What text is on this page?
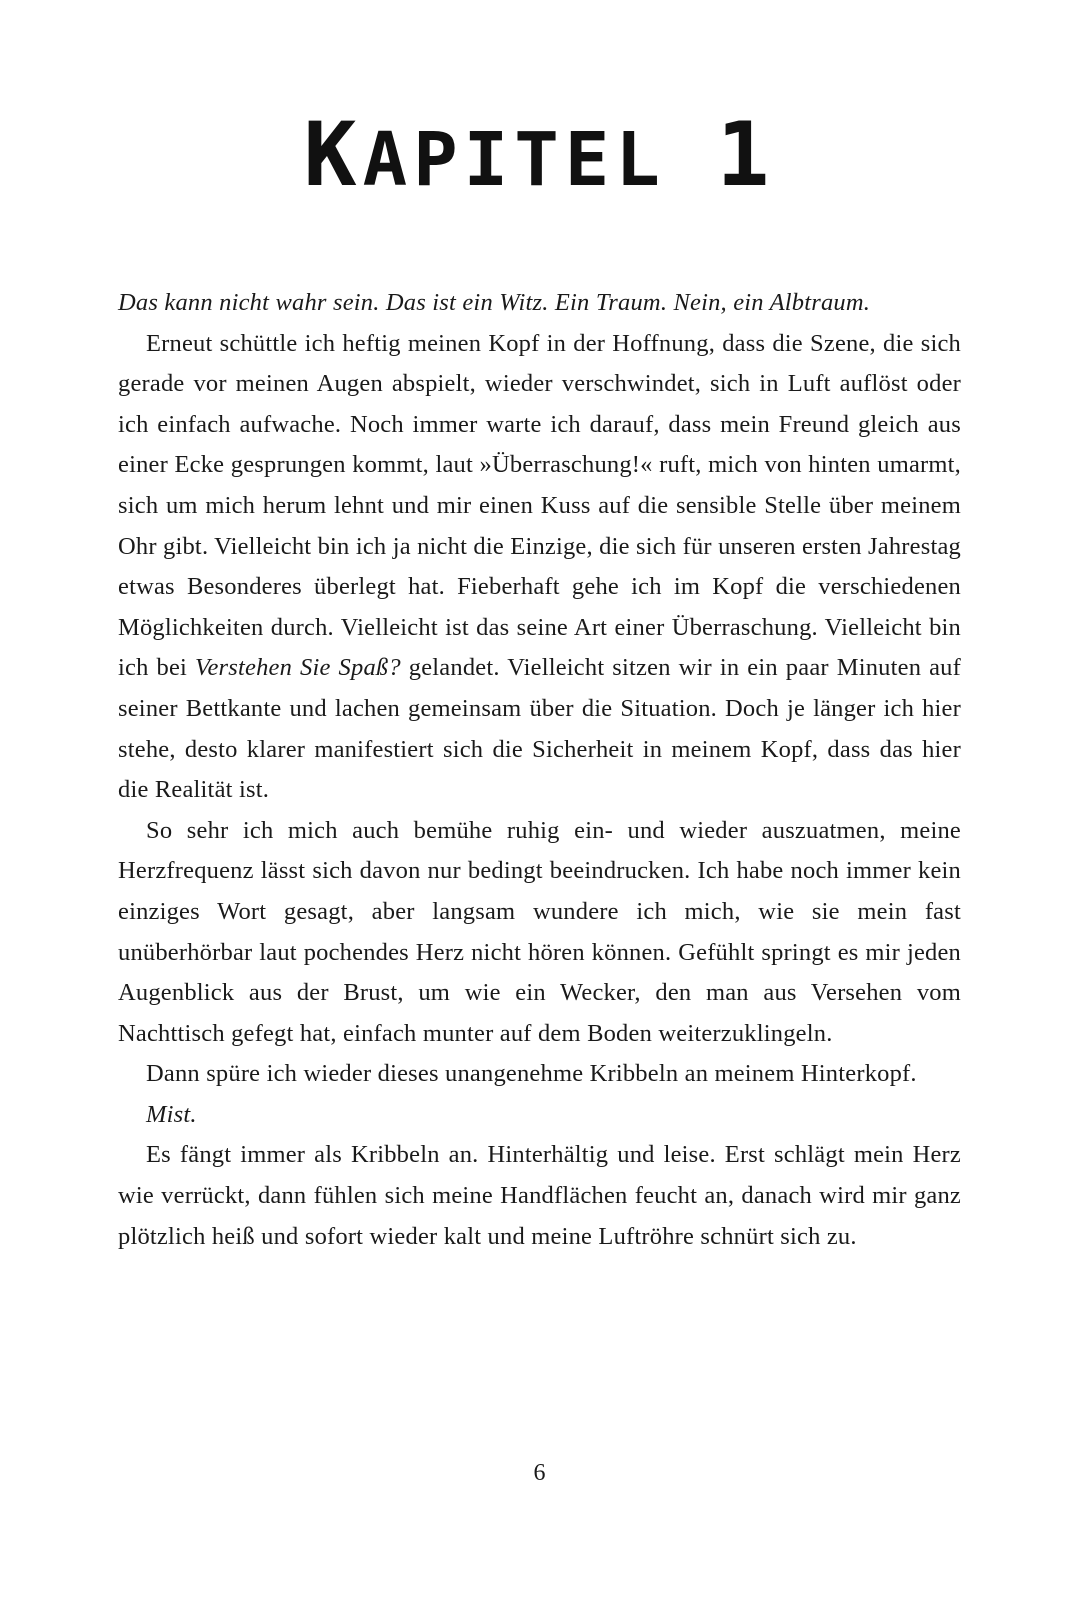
KAPITEL 1

Das kann nicht wahr sein. Das ist ein Witz. Ein Traum. Nein, ein Albtraum.

Erneut schüttle ich heftig meinen Kopf in der Hoffnung, dass die Szene, die sich gerade vor meinen Augen abspielt, wieder verschwindet, sich in Luft auflöst oder ich einfach aufwache. Noch immer warte ich darauf, dass mein Freund gleich aus einer Ecke gesprungen kommt, laut »Überraschung!« ruft, mich von hinten umarmt, sich um mich herum lehnt und mir einen Kuss auf die sensible Stelle über meinem Ohr gibt. Vielleicht bin ich ja nicht die Einzige, die sich für unseren ersten Jahrestag etwas Besonderes überlegt hat. Fieberhaft gehe ich im Kopf die verschiedenen Möglichkeiten durch. Vielleicht ist das seine Art einer Überraschung. Vielleicht bin ich bei Verstehen Sie Spaß? gelandet. Vielleicht sitzen wir in ein paar Minuten auf seiner Bettkante und lachen gemeinsam über die Situation. Doch je länger ich hier stehe, desto klarer manifestiert sich die Sicherheit in meinem Kopf, dass das hier die Realität ist.

So sehr ich mich auch bemühe ruhig ein- und wieder auszuatmen, meine Herzfrequenz lässt sich davon nur bedingt beeindrucken. Ich habe noch immer kein einziges Wort gesagt, aber langsam wundere ich mich, wie sie mein fast unüberhörbar laut pochendes Herz nicht hören können. Gefühlt springt es mir jeden Augenblick aus der Brust, um wie ein Wecker, den man aus Versehen vom Nachttisch gefegt hat, einfach munter auf dem Boden weiterzuklingeln.

Dann spüre ich wieder dieses unangenehme Kribbeln an meinem Hinterkopf.

Mist.

Es fängt immer als Kribbeln an. Hinterhältig und leise. Erst schlägt mein Herz wie verrückt, dann fühlen sich meine Handflächen feucht an, danach wird mir ganz plötzlich heiß und sofort wieder kalt und meine Luftröhre schnürt sich zu.

6
